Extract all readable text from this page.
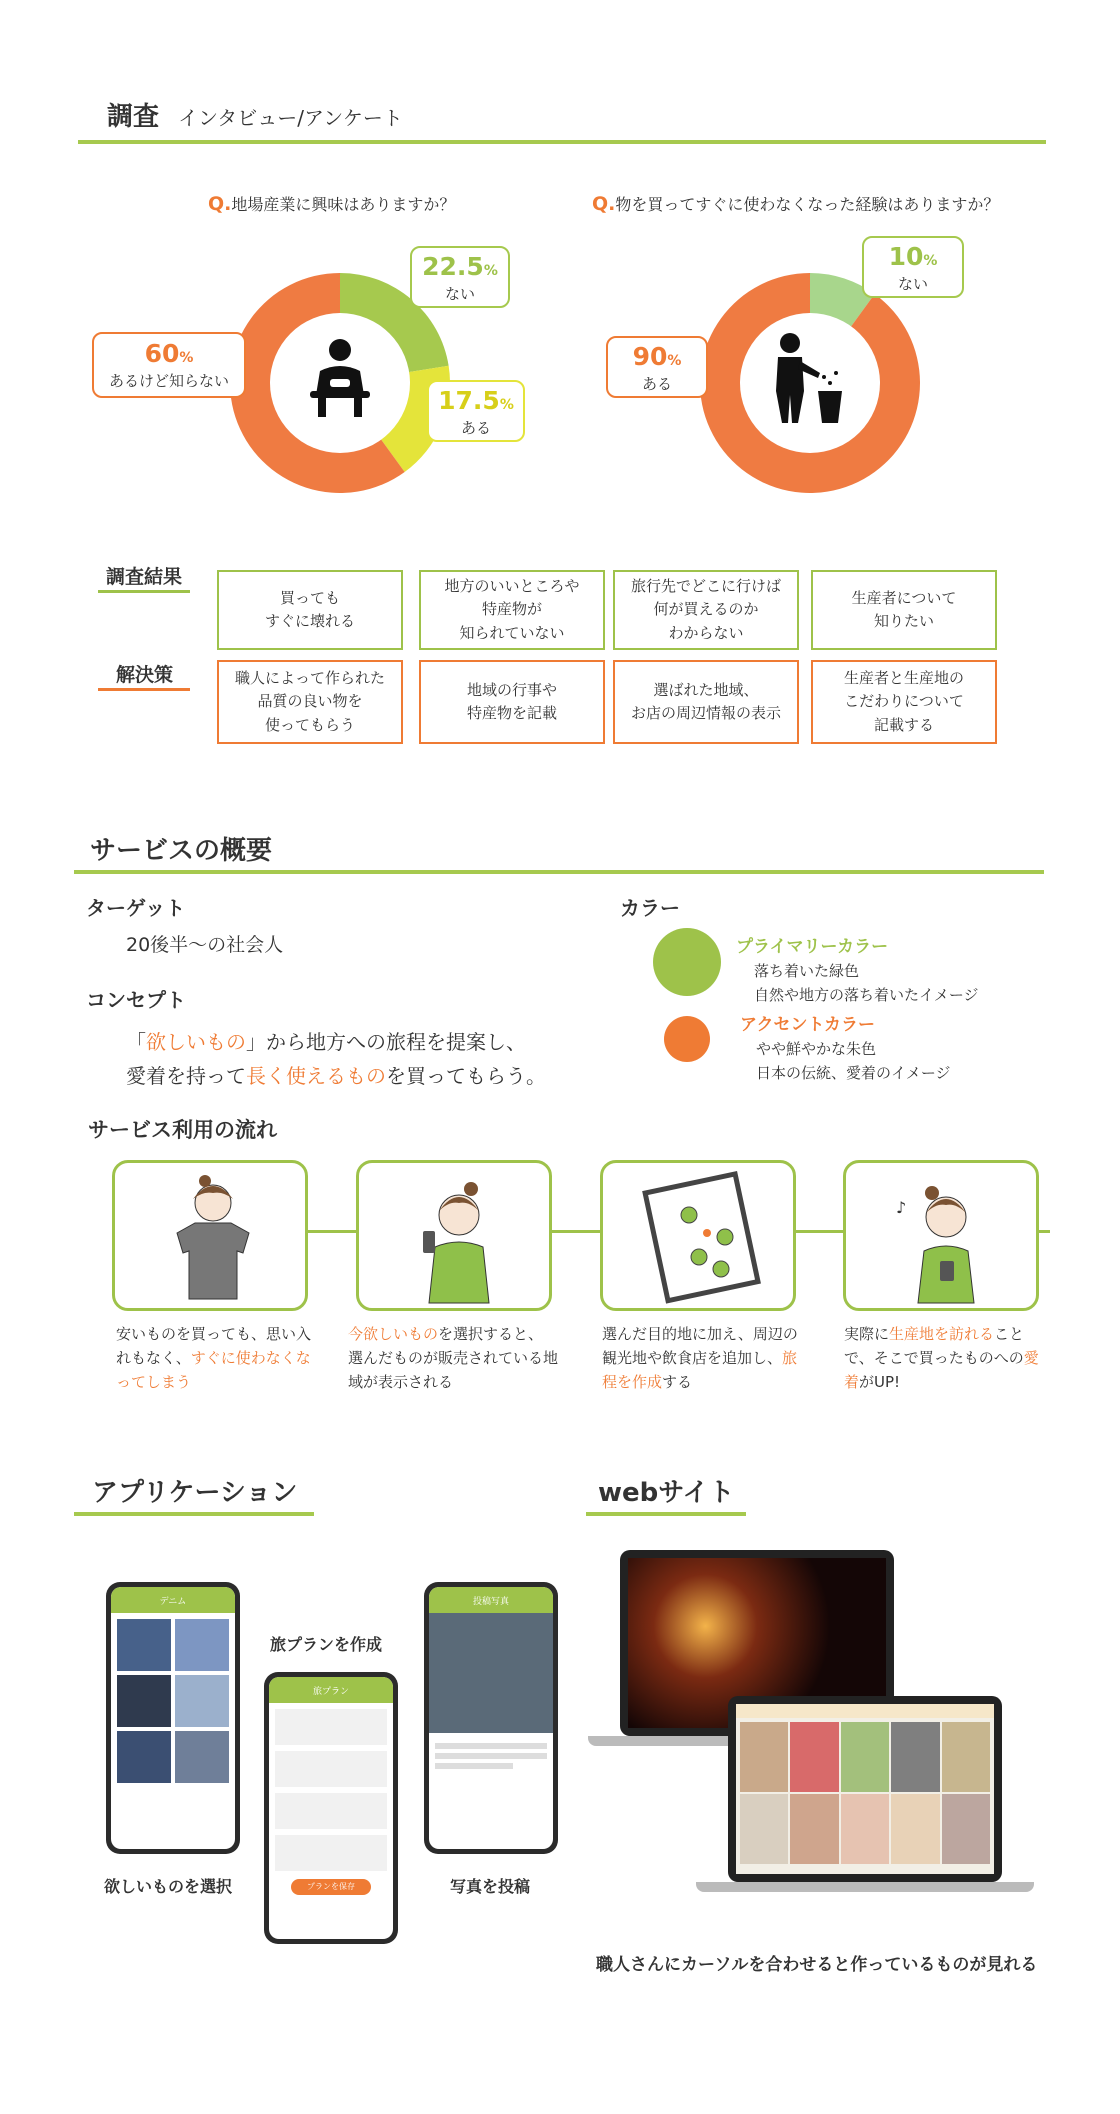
調査 インタビュー/アンケート
Q.地場産業に興味はありますか？
22.5%
ない
17.5%
ある
60%
あるけど知らない
Q.物を買ってすぐに使わなくなった経験はありますか？
10%
ない
90%
ある
調査結果
解決策
買っても
すぐに壊れる
地方のいいところや
特産物が
知られていない
旅行先でどこに行けば
何が買えるのか
わからない
生産者について
知りたい
職人によって作られた
品質の良い物を
使ってもらう
地域の行事や
特産物を記載
選ばれた地域、
お店の周辺情報の表示
生産者と生産地の
こだわりについて
記載する
サービスの概要
ターゲット
20後半〜の社会人
コンセプト
「欲しいもの」から地方への旅程を提案し、
愛着を持って長く使えるものを買ってもらう。
カラー
プライマリーカラー
落ち着いた緑色
自然や地方の落ち着いたイメージ
アクセントカラー
やや鮮やかな朱色
日本の伝統、愛着のイメージ
サービス利用の流れ
♪
安いものを買っても、思い入れもなく、すぐに使わなくなってしまう
今欲しいものを選択すると、選んだものが販売されている地域が表示される
選んだ目的地に加え、周辺の観光地や飲食店を追加し、旅程を作成する
実際に生産地を訪れることで、そこで買ったものへの愛着がUP!
アプリケーション
デニム
欲しいものを選択
旅プランを作成
旅プラン
プランを保存
投稿写真
写真を投稿
webサイト
職人さんにカーソルを合わせると作っているものが見れる
